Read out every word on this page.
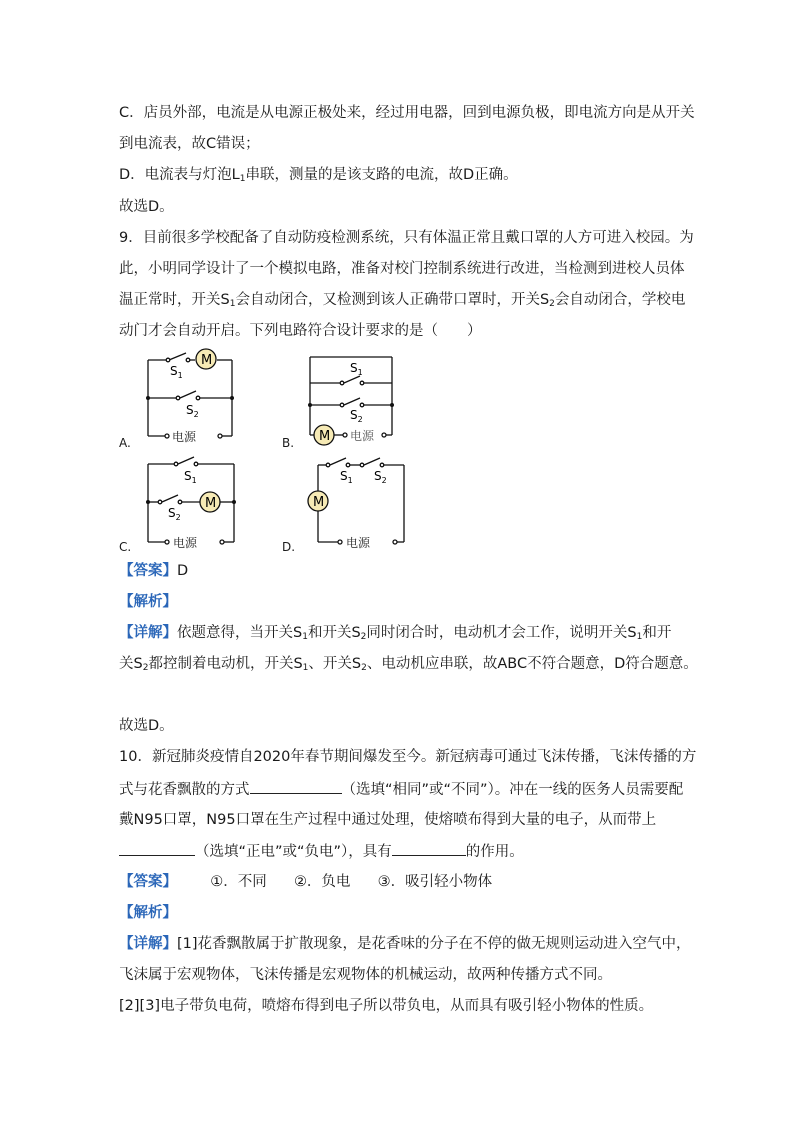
C．店员外部，电流是从电源正极处来，经过用电器，回到电源负极，即电流方向是从开关
到电流表，故C错误；
D．电流表与灯泡$L_1$串联，测量的是该支路的电流，故D正确。
故选D。
9．目前很多学校配备了自动防疫检测系统，只有体温正常且戴口罩的人方可进入校园。为
此，小明同学设计了一个模拟电路，准备对校门控制系统进行改进，当检测到进校人员体
温正常时，开关$S_1$会自动闭合，又检测到该人正确带口罩时，开关$S_2$会自动闭合，学校电
动门才会自动开启。下列电路符合设计要求的是（　　）
M
$S_1$
$S_2$
电源
A.	M
$S_1$
$S_2$
电源
B.
M
$S_1$
$S_2$
电源
C.
M
$S_1$ $S_2$
电源
D.
【答案】D
【解析】
【详解】依题意得，当开关$S_1$和开关$S_2$同时闭合时，电动机才会工作，说明开关$S_1$和开
关$S_2$都控制着电动机，开关$S_1$、开关$S_2$、电动机应串联，故ABC不符合题意，D符合题意。
故选D。
10．新冠肺炎疫情自2020年春节期间爆发至今。新冠病毒可通过飞沫传播，飞沫传播的方
式与花香飘散的方式	（选填“相同”或“不同”）。冲在一线的医务人员需要配
戴N95口罩，N95口罩在生产过程中通过处理，使熔喷布得到大量的电子，从而带上
（选填“正电”或“负电”），具有	的作用。
【答案】 ①．不同 ②．负电 ③．吸引轻小物体
【解析】
【详解】[1]花香飘散属于扩散现象，是花香味的分子在不停的做无规则运动进入空气中，
飞沫属于宏观物体，飞沫传播是宏观物体的机械运动，故两种传播方式不同。
[2][3]电子带负电荷，喷熔布得到电子所以带负电，从而具有吸引轻小物体的性质。
